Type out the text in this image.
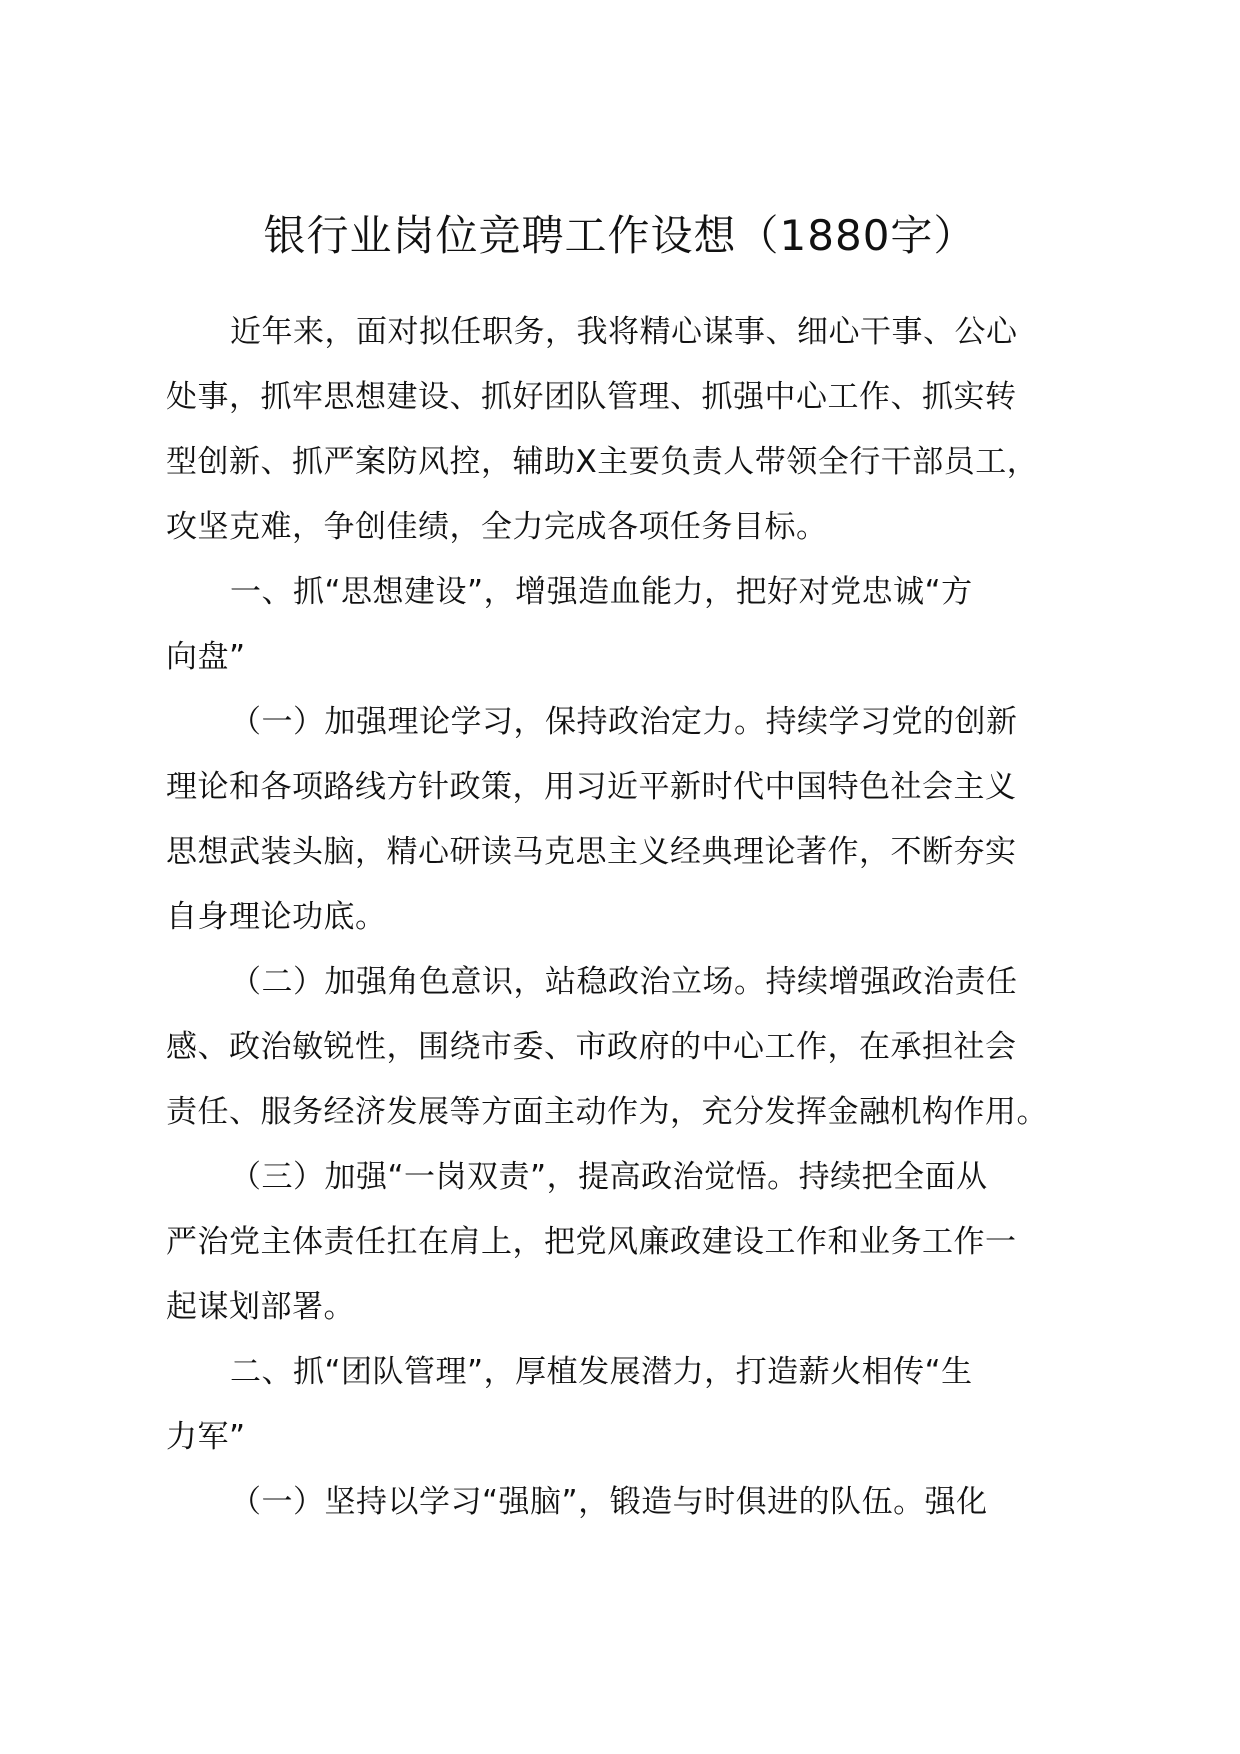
银行业岗位竞聘工作设想（1880字）
近年来，面对拟任职务，我将精心谋事、细心干事、公心
处事，抓牢思想建设、抓好团队管理、抓强中心工作、抓实转
型创新、抓严案防风控，辅助X主要负责人带领全行干部员工，
攻坚克难，争创佳绩，全力完成各项任务目标。
一、抓“思想建设”，增强造血能力，把好对党忠诚“方
向盘”
（一）加强理论学习，保持政治定力。持续学习党的创新
理论和各项路线方针政策，用习近平新时代中国特色社会主义
思想武装头脑，精心研读马克思主义经典理论著作，不断夯实
自身理论功底。
（二）加强角色意识，站稳政治立场。持续增强政治责任
感、政治敏锐性，围绕市委、市政府的中心工作，在承担社会
责任、服务经济发展等方面主动作为，充分发挥金融机构作用。
（三）加强“一岗双责”，提高政治觉悟。持续把全面从
严治党主体责任扛在肩上，把党风廉政建设工作和业务工作一
起谋划部署。
二、抓“团队管理”，厚植发展潜力，打造薪火相传“生
力军”
（一）坚持以学习“强脑”，锻造与时俱进的队伍。强化
